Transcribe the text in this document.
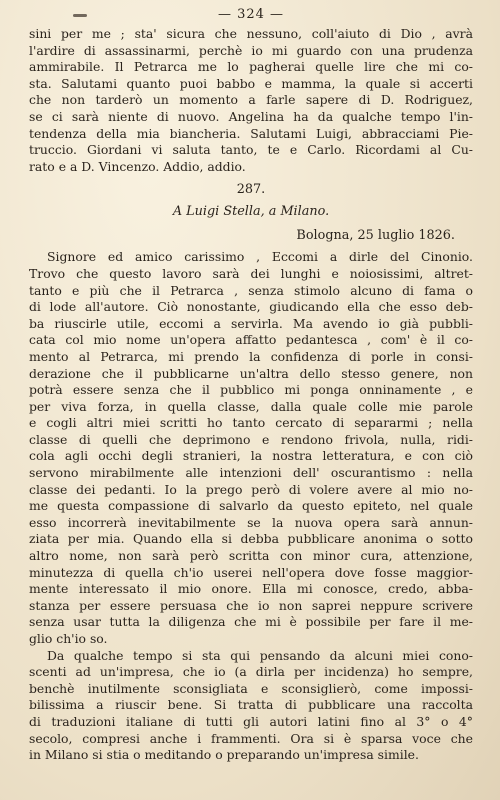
— 324 —
sini per me ; sta' sicura che nessuno, coll'aiuto di Dio , avrà
l'ardire di assassinarmi, perchè io mi guardo con una prudenza
ammirabile. Il Petrarca me lo pagherai quelle lire che mi co-
sta. Salutami quanto puoi babbo e mamma, la quale si accerti
che non tarderò un momento a farle sapere di D. Rodriguez,
se ci sarà niente di nuovo. Angelina ha da qualche tempo l'in-
tendenza della mia biancheria. Salutami Luigi, abbracciami Pie-
truccio. Giordani vi saluta tanto, te e Carlo. Ricordami al Cu-
rato e a D. Vincenzo. Addio, addio.
287.
A Luigi Stella, a Milano.
Bologna, 25 luglio 1826.
Signore ed amico carissimo , Eccomi a dirle del Cinonio.
Trovo che questo lavoro sarà dei lunghi e noiosissimi, altret-
tanto e più che il Petrarca , senza stimolo alcuno di fama o
di lode all'autore. Ciò nonostante, giudicando ella che esso deb-
ba riuscirle utile, eccomi a servirla. Ma avendo io già pubbli-
cata col mio nome un'opera affatto pedantesca , com' è il co-
mento al Petrarca, mi prendo la confidenza di porle in consi-
derazione che il pubblicarne un'altra dello stesso genere, non
potrà essere senza che il pubblico mi ponga onninamente , e
per viva forza, in quella classe, dalla quale colle mie parole
e cogli altri miei scritti ho tanto cercato di separarmi ; nella
classe di quelli che deprimono e rendono frivola, nulla, ridi-
cola agli occhi degli stranieri, la nostra letteratura, e con ciò
servono mirabilmente alle intenzioni dell' oscurantismo : nella
classe dei pedanti. Io la prego però di volere avere al mio no-
me questa compassione di salvarlo da questo epiteto, nel quale
esso incorrerà inevitabilmente se la nuova opera sarà annun-
ziata per mia. Quando ella si debba pubblicare anonima o sotto
altro nome, non sarà però scritta con minor cura, attenzione,
minutezza di quella ch'io userei nell'opera dove fosse maggior-
mente interessato il mio onore. Ella mi conosce, credo, abba-
stanza per essere persuasa che io non saprei neppure scrivere
senza usar tutta la diligenza che mi è possibile per fare il me-
glio ch'io so.
Da qualche tempo si sta qui pensando da alcuni miei cono-
scenti ad un'impresa, che io (a dirla per incidenza) ho sempre,
benchè inutilmente sconsigliata e sconsiglierò, come impossi-
bilissima a riuscir bene. Si tratta di pubblicare una raccolta
di traduzioni italiane di tutti gli autori latini fino al 3° o 4°
secolo, compresi anche i frammenti. Ora si è sparsa voce che
in Milano si stia o meditando o preparando un'impresa simile.
